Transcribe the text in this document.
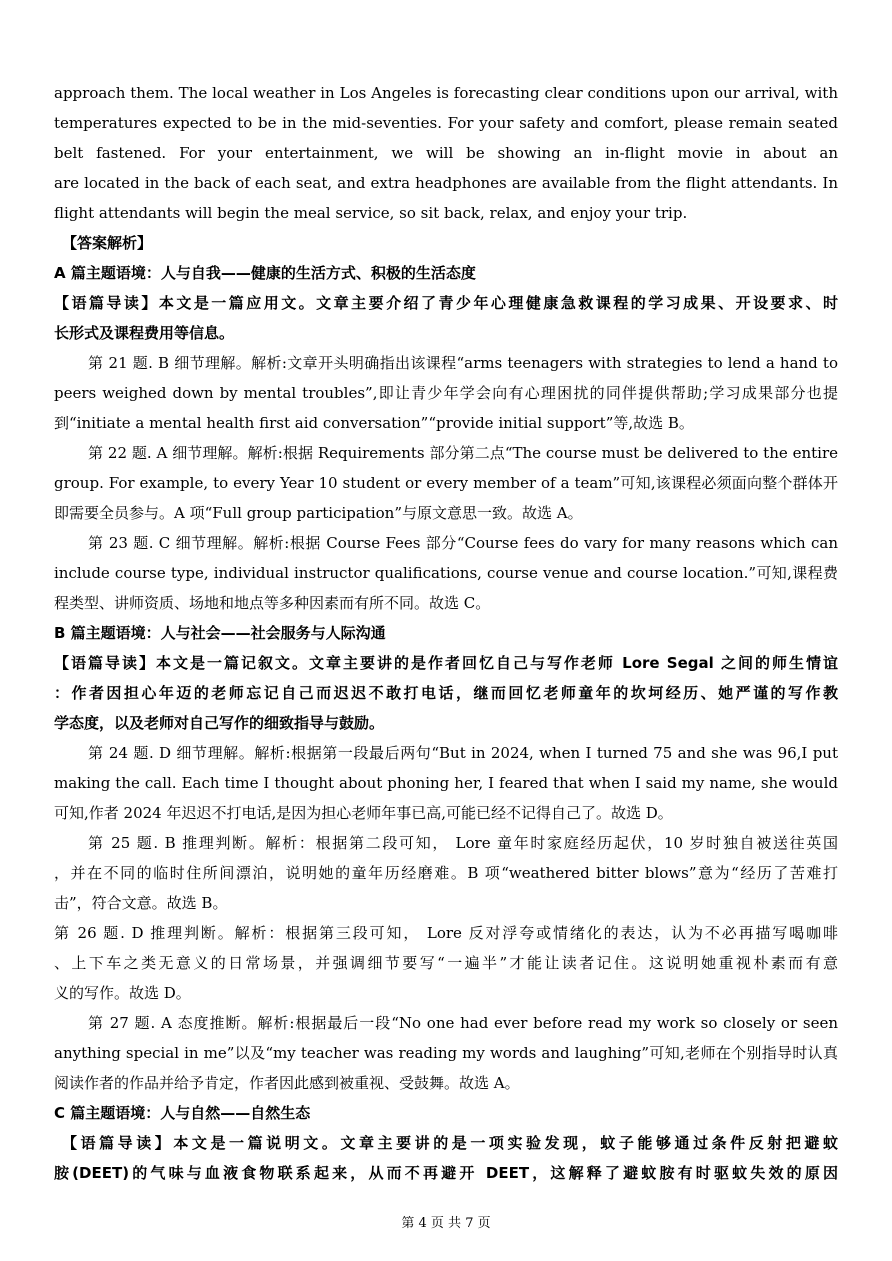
approach them. The local weather in Los Angeles is forecasting clear conditions upon our arrival, with

temperatures expected to be in the mid-seventies. For your safety and comfort, please remain seated

belt fastened. For your entertainment, we will be showing an in-flight movie in about an

are located in the back of each seat, and extra headphones are available from the flight attendants. In

flight attendants will begin the meal service, so sit back, relax, and enjoy your trip.

【答案解析】

A 篇主题语境：人与自我——健康的生活方式、积极的生活态度

【语篇导读】本文是一篇应用文。文章主要介绍了青少年心理健康急救课程的学习成果、开设要求、时

长形式及课程费用等信息。

第 21 题. B 细节理解。解析:文章开头明确指出该课程“arms teenagers with strategies to lend a hand to

peers weighed down by mental troubles”,即让青少年学会向有心理困扰的同伴提供帮助;学习成果部分也提

到“initiate a mental health first aid conversation”“provide initial support”等,故选 B。

第 22 题. A 细节理解。解析:根据 Requirements 部分第二点“The course must be delivered to the entire

group. For example, to every Year 10 student or every member of a team”可知,该课程必须面向整个群体开

即需要全员参与。A 项“Full group participation”与原文意思一致。故选 A。

第 23 题. C 细节理解。解析:根据 Course Fees 部分“Course fees do vary for many reasons which can

include course type, individual instructor qualifications, course venue and course location.”可知,课程费

程类型、讲师资质、场地和地点等多种因素而有所不同。故选 C。

B 篇主题语境：人与社会——社会服务与人际沟通

【语篇导读】本文是一篇记叙文。文章主要讲的是作者回忆自己与写作老师 Lore Segal 之间的师生情谊

：作者因担心年迈的老师忘记自己而迟迟不敢打电话，继而回忆老师童年的坎坷经历、她严谨的写作教

学态度，以及老师对自己写作的细致指导与鼓励。

第 24 题. D 细节理解。解析:根据第一段最后两句“But in 2024, when I turned 75 and she was 96,I put

making the call. Each time I thought about phoning her, I feared that when I said my name, she would

可知,作者 2024 年迟迟不打电话,是因为担心老师年事已高,可能已经不记得自己了。故选 D。

第 25 题. B 推理判断。解析：根据第二段可知， Lore 童年时家庭经历起伏，10 岁时独自被送往英国

，并在不同的临时住所间漂泊，说明她的童年历经磨难。B 项“weathered bitter blows”意为“经历了苦难打

击”，符合文意。故选 B。

第 26 题. D 推理判断。解析：根据第三段可知， Lore 反对浮夸或情绪化的表达，认为不必再描写喝咖啡

、上下车之类无意义的日常场景，并强调细节要写“一遍半”才能让读者记住。这说明她重视朴素而有意

义的写作。故选 D。

第 27 题. A 态度推断。解析:根据最后一段“No one had ever before read my work so closely or seen

anything special in me”以及“my teacher was reading my words and laughing”可知,老师在个别指导时认真

阅读作者的作品并给予肯定，作者因此感到被重视、受鼓舞。故选 A。

C 篇主题语境：人与自然——自然生态

【语篇导读】本文是一篇说明文。文章主要讲的是一项实验发现，蚊子能够通过条件反射把避蚊

胺(DEET)的气味与血液食物联系起来，从而不再避开 DEET，这解释了避蚊胺有时驱蚊失效的原因

第 4 页 共 7 页
